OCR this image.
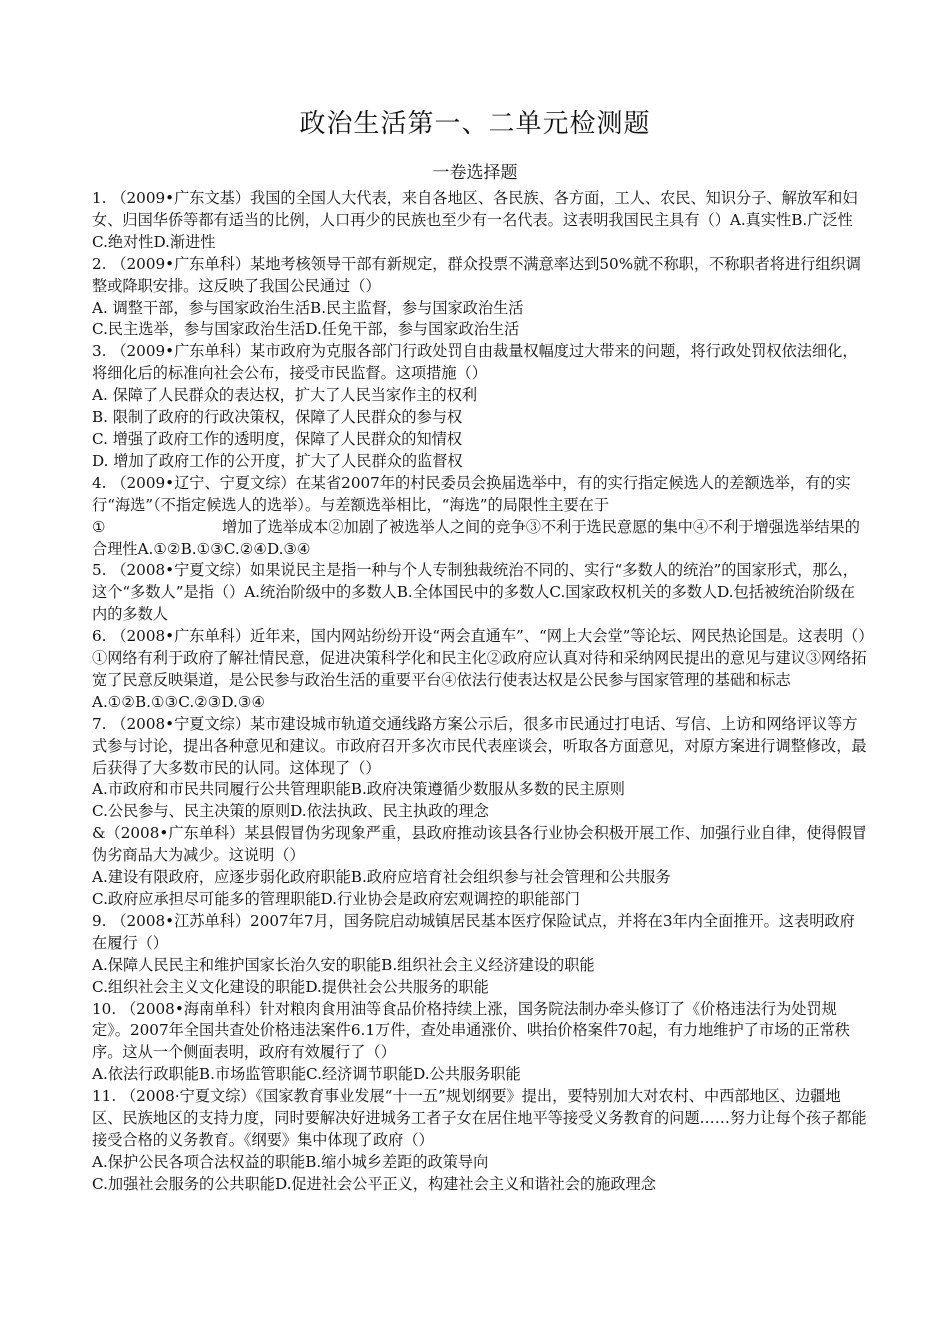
政治生活第一、二单元检测题
一卷选择题

1. （2009•广东文基）我国的全国人大代表，来自各地区、各民族、各方面，工人、农民、知识分子、解放军和妇女、归国华侨等都有适当的比例，人口再少的民族也至少有一名代表。这表明我国民主具有（）A.真实性B.广泛性C.绝对性D.渐进性

2. （2009•广东单科）某地考核领导干部有新规定，群众投票不满意率达到50%就不称职，不称职者将进行组织调整或降职安排。这反映了我国公民通过（）

A. 调整干部，参与国家政治生活B.民主监督，参与国家政治生活

C.民主选举，参与国家政治生活D.任免干部，参与国家政治生活

3. （2009•广东单科）某市政府为克服各部门行政处罚自由裁量权幅度过大带来的问题，将行政处罚权依法细化，将细化后的标准向社会公布，接受市民监督。这项措施（）

A. 保障了人民群众的表达权，扩大了人民当家作主的权利

B. 限制了政府的行政决策权，保障了人民群众的参与权

C. 增强了政府工作的透明度，保障了人民群众的知情权

D. 增加了政府工作的公开度，扩大了人民群众的监督权

4. （2009•辽宁、宁夏文综）在某省2007年的村民委员会换届选举中，有的实行指定候选人的差额选举，有的实行“海选”（不指定候选人的选举）。与差额选举相比，“海选”的局限性主要在于

①	增加了选举成本②加剧了被选举人之间的竞争③不利于选民意愿的集中④不利于增强选举结果的合理性A.①②B.①③C.②④D.③④

5. （2008•宁夏文综）如果说民主是指一种与个人专制独裁统治不同的、实行“多数人的统治”的国家形式，那么，这个“多数人”是指（）A.统治阶级中的多数人B.全体国民中的多数人C.国家政权机关的多数人D.包括被统治阶级在内的多数人

6. （2008•广东单科）近年来，国内网站纷纷开设“两会直通车”、“网上大会堂”等论坛、网民热论国是。这表明（）①网络有利于政府了解社情民意，促进决策科学化和民主化②政府应认真对待和采纳网民提出的意见与建议③网络拓宽了民意反映渠道，是公民参与政治生活的重要平台④依法行使表达权是公民参与国家管理的基础和标志

A.①②B.①③C.②③D.③④

7. （2008•宁夏文综）某市建设城市轨道交通线路方案公示后，很多市民通过打电话、写信、上访和网络评议等方式参与讨论，提出各种意见和建议。市政府召开多次市民代表座谈会，听取各方面意见，对原方案进行调整修改，最后获得了大多数市民的认同。这体现了（）

A.市政府和市民共同履行公共管理职能B.政府决策遵循少数服从多数的民主原则

C.公民参与、民主决策的原则D.依法执政、民主执政的理念

&（2008•广东单科）某县假冒伪劣现象严重，县政府推动该县各行业协会积极开展工作、加强行业自律，使得假冒伪劣商品大为减少。这说明（）

A.建设有限政府，应逐步弱化政府职能B.政府应培育社会组织参与社会管理和公共服务

C.政府应承担尽可能多的管理职能D.行业协会是政府宏观调控的职能部门

9. （2008•江苏单科）2007年7月，国务院启动城镇居民基本医疗保险试点，并将在3年内全面推开。这表明政府在履行（）

A.保障人民民主和维护国家长治久安的职能B.组织社会主义经济建设的职能

C.组织社会主义文化建设的职能D.提供社会公共服务的职能

10. （2008•海南单科）针对粮肉食用油等食品价格持续上涨，国务院法制办牵头修订了《价格违法行为处罚规定》。2007年全国共查处价格违法案件6.1万件，查处串通涨价、哄抬价格案件70起，有力地维护了市场的正常秩序。这从一个侧面表明，政府有效履行了（）

A.依法行政职能B.市场监管职能C.经济调节职能D.公共服务职能

11. （2008·宁夏文综）《国家教育事业发展“十一五”规划纲要》提出，要特别加大对农村、中西部地区、边疆地区、民族地区的支持力度，同时要解决好进城务工者子女在居住地平等接受义务教育的问题……努力让每个孩子都能接受合格的义务教育。《纲要》集中体现了政府（）

A.保护公民各项合法权益的职能B.缩小城乡差距的政策导向

C.加强社会服务的公共职能D.促进社会公平正义，构建社会主义和谐社会的施政理念
